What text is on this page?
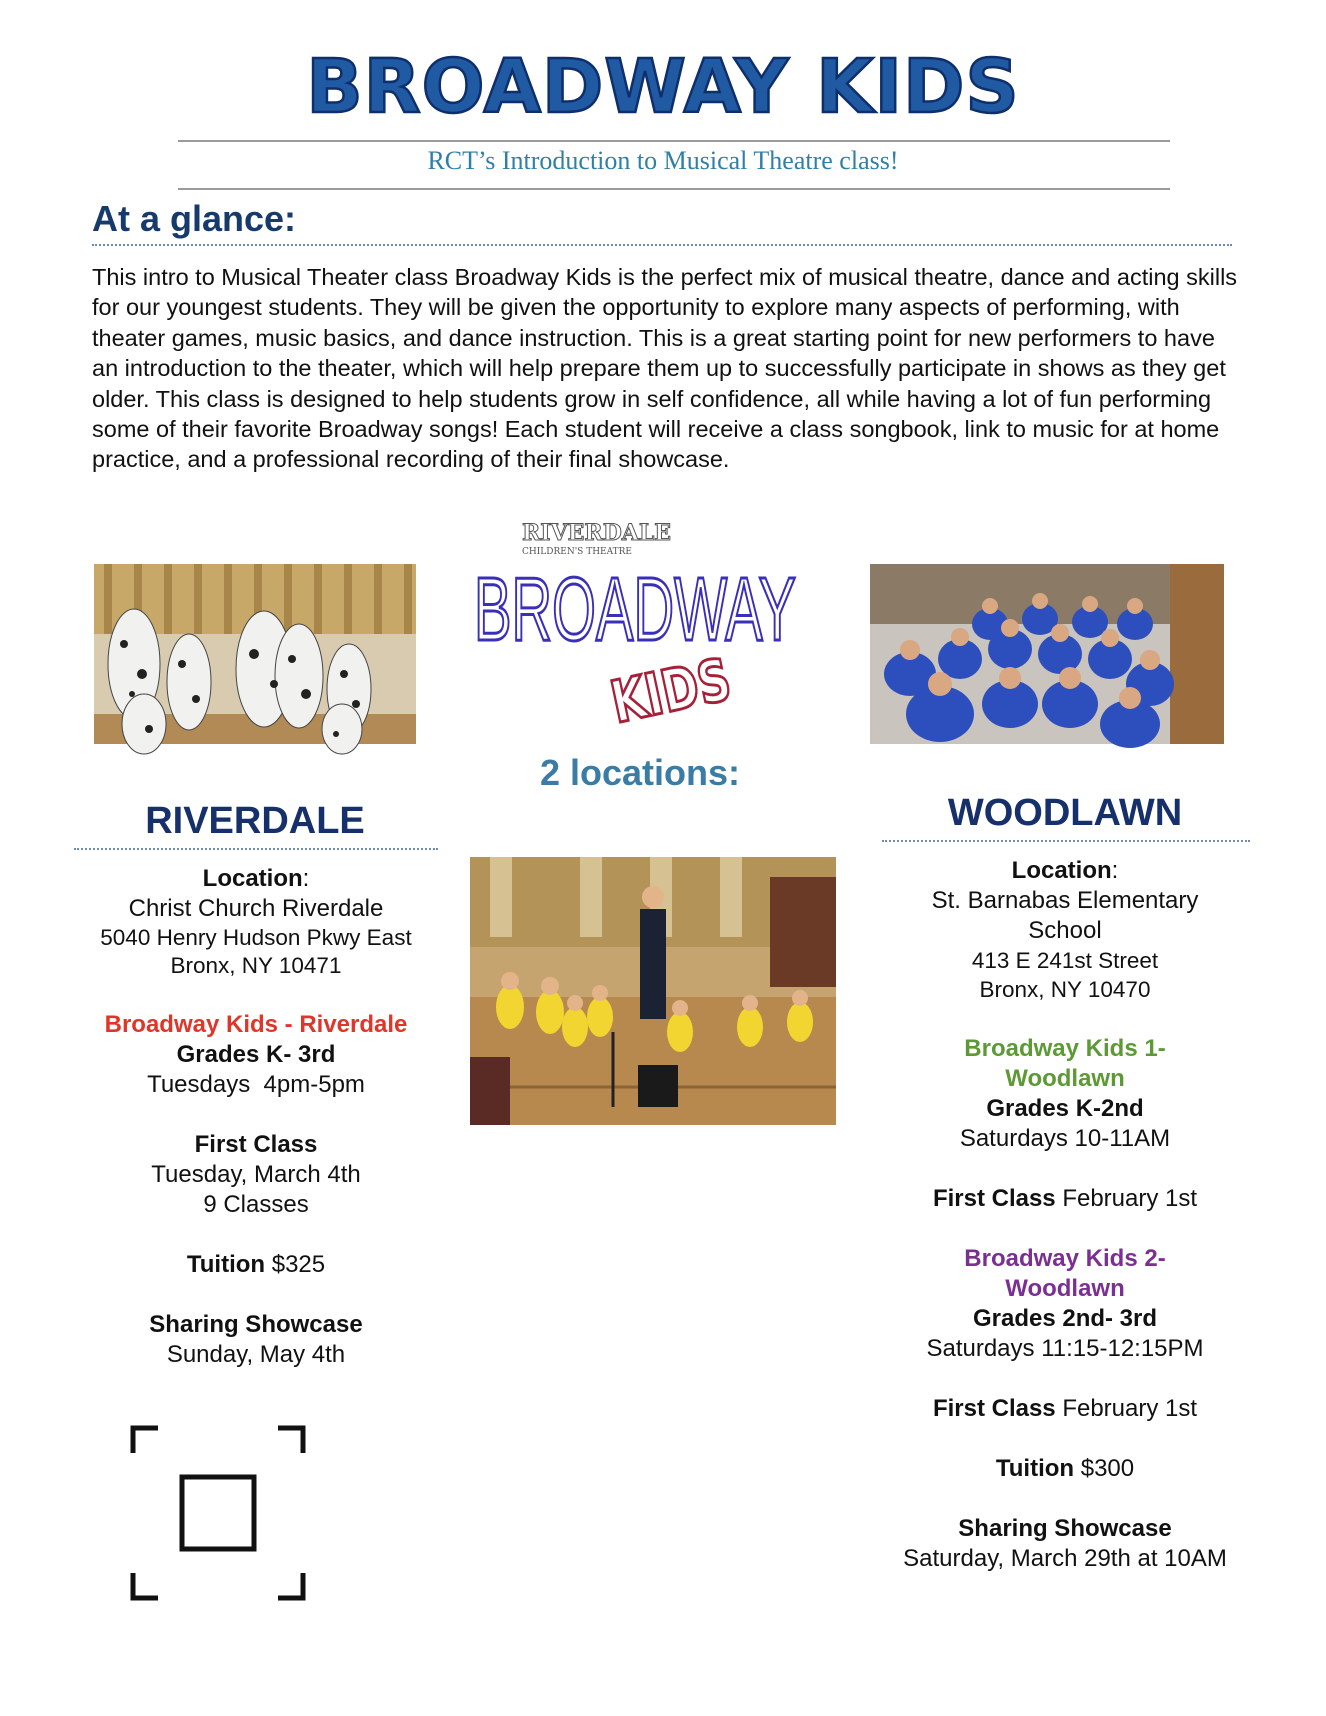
BROADWAY KIDS
RCT’s Introduction to Musical Theatre class!
At a glance:
This intro to Musical Theater class Broadway Kids is the perfect mix of musical theatre, dance and acting skills for our youngest students. They will be given the opportunity to explore many aspects of performing, with theater games, music basics, and dance instruction. This is a great starting point for new performers to have an introduction to the theater, which will help prepare them up to successfully participate in shows as they get older. This class is designed to help students grow in self confidence, all while having a lot of fun performing some of their favorite Broadway songs! Each student will receive a class songbook, link to music for at home practice, and a professional recording of their final showcase.
RIVERDALE
CHILDREN'S THEATRE
BROADWAY
KIDS
2 locations:
RIVERDALE
Location:
Christ Church Riverdale
5040 Henry Hudson Pkwy East
Bronx, NY 10471
Broadway Kids - Riverdale
Grades K- 3rd
Tuesdays  4pm-5pm
First Class
Tuesday, March 4th
9 Classes
Tuition $325
Sharing Showcase
Sunday, May 4th
WOODLAWN
Location:
St. Barnabas Elementary
School
413 E 241st Street
Bronx, NY 10470
Broadway Kids 1-
Woodlawn
Grades K-2nd
Saturdays 10-11AM
First Class February 1st
Broadway Kids 2-
Woodlawn
Grades 2nd- 3rd
Saturdays 11:15-12:15PM
First Class February 1st
Tuition $300
Sharing Showcase
Saturday, March 29th at 10AM
